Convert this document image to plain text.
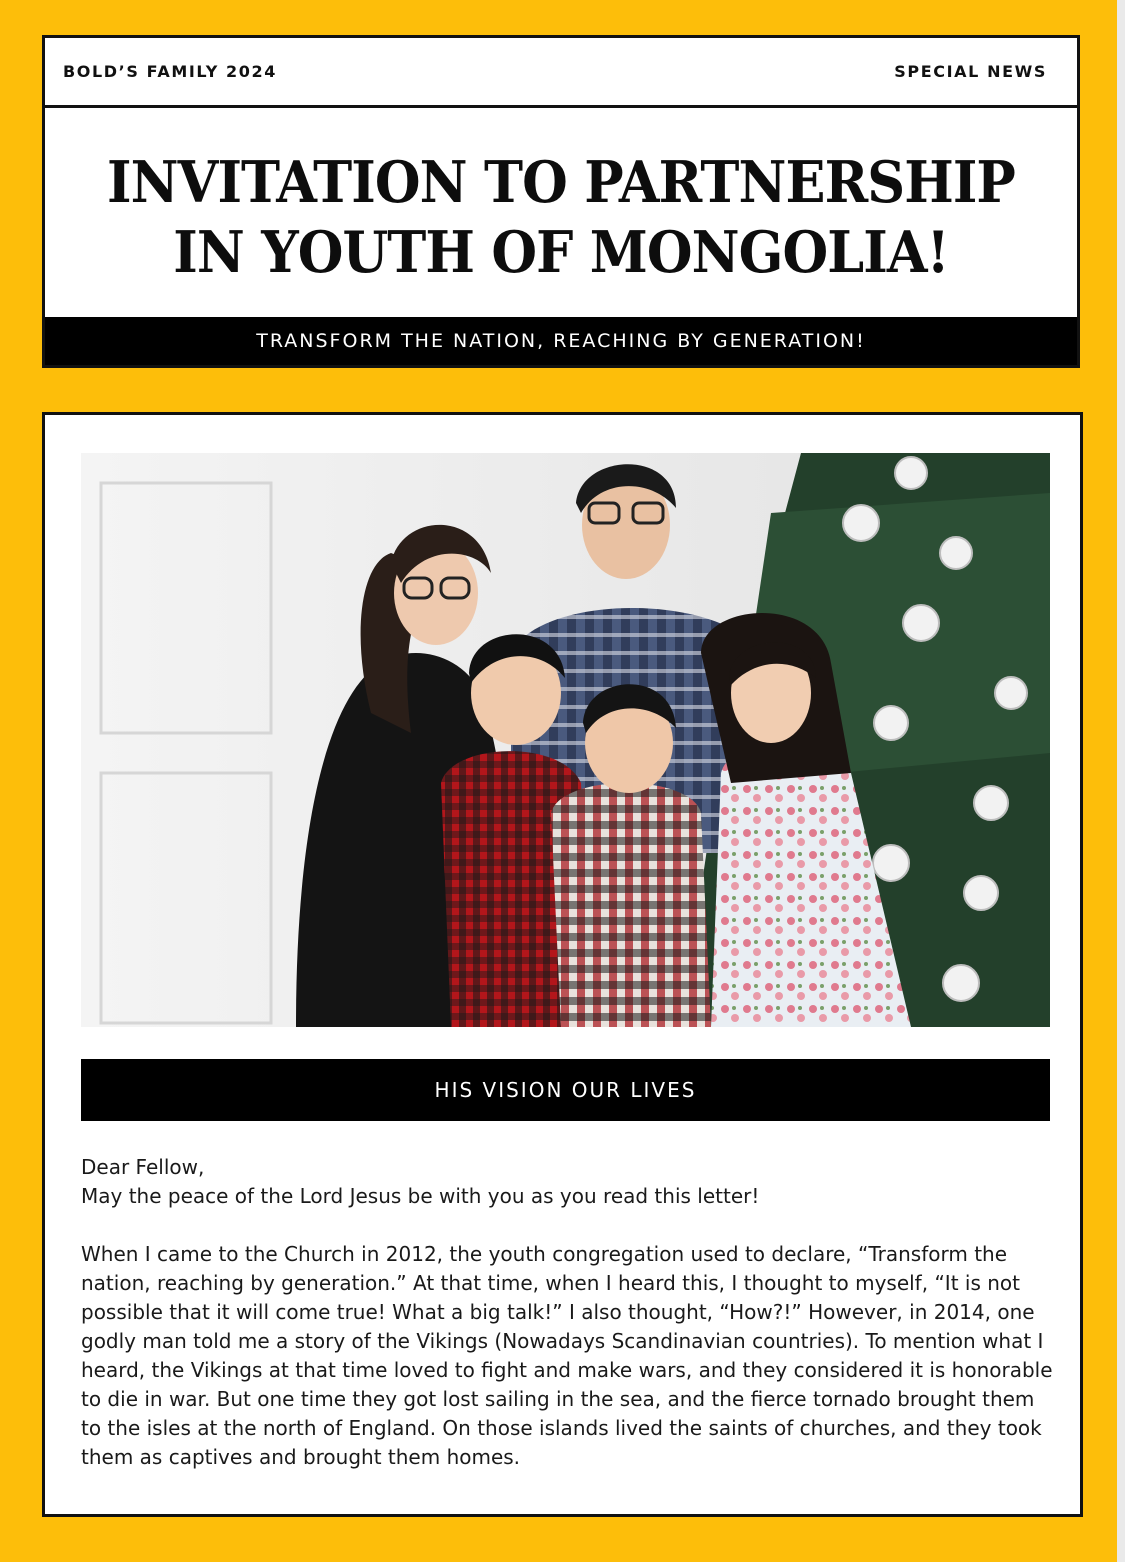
BOLD’S FAMILY 2024	SPECIAL NEWS
INVITATION TO PARTNERSHIP
IN YOUTH OF MONGOLIA!
TRANSFORM THE NATION, REACHING BY GENERATION!
HIS VISION OUR LIVES

Dear Fellow,

May the peace of the Lord Jesus be with you as you read this letter!

When I came to the Church in 2012, the youth congregation used to declare, “Transform the nation, reaching by generation.” At that time, when I heard this, I thought to myself, “It is not possible that it will come true! What a big talk!” I also thought, “How?!” However, in 2014, one godly man told me a story of the Vikings (Nowadays Scandinavian countries). To mention what I heard, the Vikings at that time loved to fight and make wars, and they considered it is honorable to die in war. But one time they got lost sailing in the sea, and the fierce tornado brought them to the isles at the north of England. On those islands lived the saints of churches, and they took them as captives and brought them homes.
